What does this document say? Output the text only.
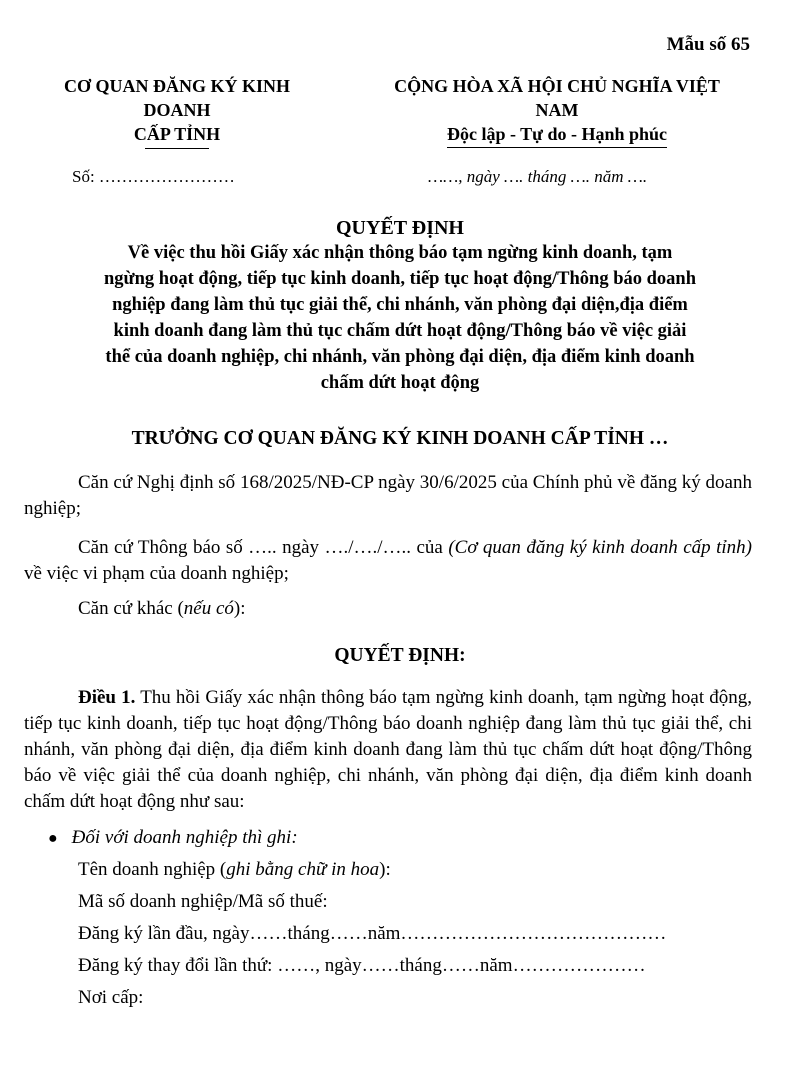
Mẫu số 65
CƠ QUAN ĐĂNG KÝ KINH
DOANH
CẤP TỈNH
CỘNG HÒA XÃ HỘI CHỦ NGHĨA VIỆT
NAM
Độc lập - Tự do - Hạnh phúc
Số: ……………………	……, ngày …. tháng …. năm ….
QUYẾT ĐỊNH
Về việc thu hồi Giấy xác nhận thông báo tạm ngừng kinh doanh, tạm
ngừng hoạt động, tiếp tục kinh doanh, tiếp tục hoạt động/Thông báo doanh
nghiệp đang làm thủ tục giải thể, chi nhánh, văn phòng đại diện,địa điểm
kinh doanh đang làm thủ tục chấm dứt hoạt động/Thông báo về việc giải
thể của doanh nghiệp, chi nhánh, văn phòng đại diện, địa điểm kinh doanh
chấm dứt hoạt động
TRƯỞNG CƠ QUAN ĐĂNG KÝ KINH DOANH CẤP TỈNH …
Căn cứ Nghị định số 168/2025/NĐ-CP ngày 30/6/2025 của Chính phủ về đăng ký doanh nghiệp;
Căn cứ Thông báo số ….. ngày …./…./….. của (Cơ quan đăng ký kinh doanh cấp tỉnh) về việc vi phạm của doanh nghiệp;
Căn cứ khác (nếu có):
QUYẾT ĐỊNH:
Điều 1. Thu hồi Giấy xác nhận thông báo tạm ngừng kinh doanh, tạm ngừng hoạt động, tiếp tục kinh doanh, tiếp tục hoạt động/Thông báo doanh nghiệp đang làm thủ tục giải thể, chi nhánh, văn phòng đại diện, địa điểm kinh doanh đang làm thủ tục chấm dứt hoạt động/Thông báo về việc giải thể của doanh nghiệp, chi nhánh, văn phòng đại diện, địa điểm kinh doanh chấm dứt hoạt động như sau:
● Đối với doanh nghiệp thì ghi:
Tên doanh nghiệp (ghi bằng chữ in hoa):
Mã số doanh nghiệp/Mã số thuế:
Đăng ký lần đầu, ngày……tháng……năm……………………………………
Đăng ký thay đổi lần thứ: ……, ngày……tháng……năm…………………
Nơi cấp:
